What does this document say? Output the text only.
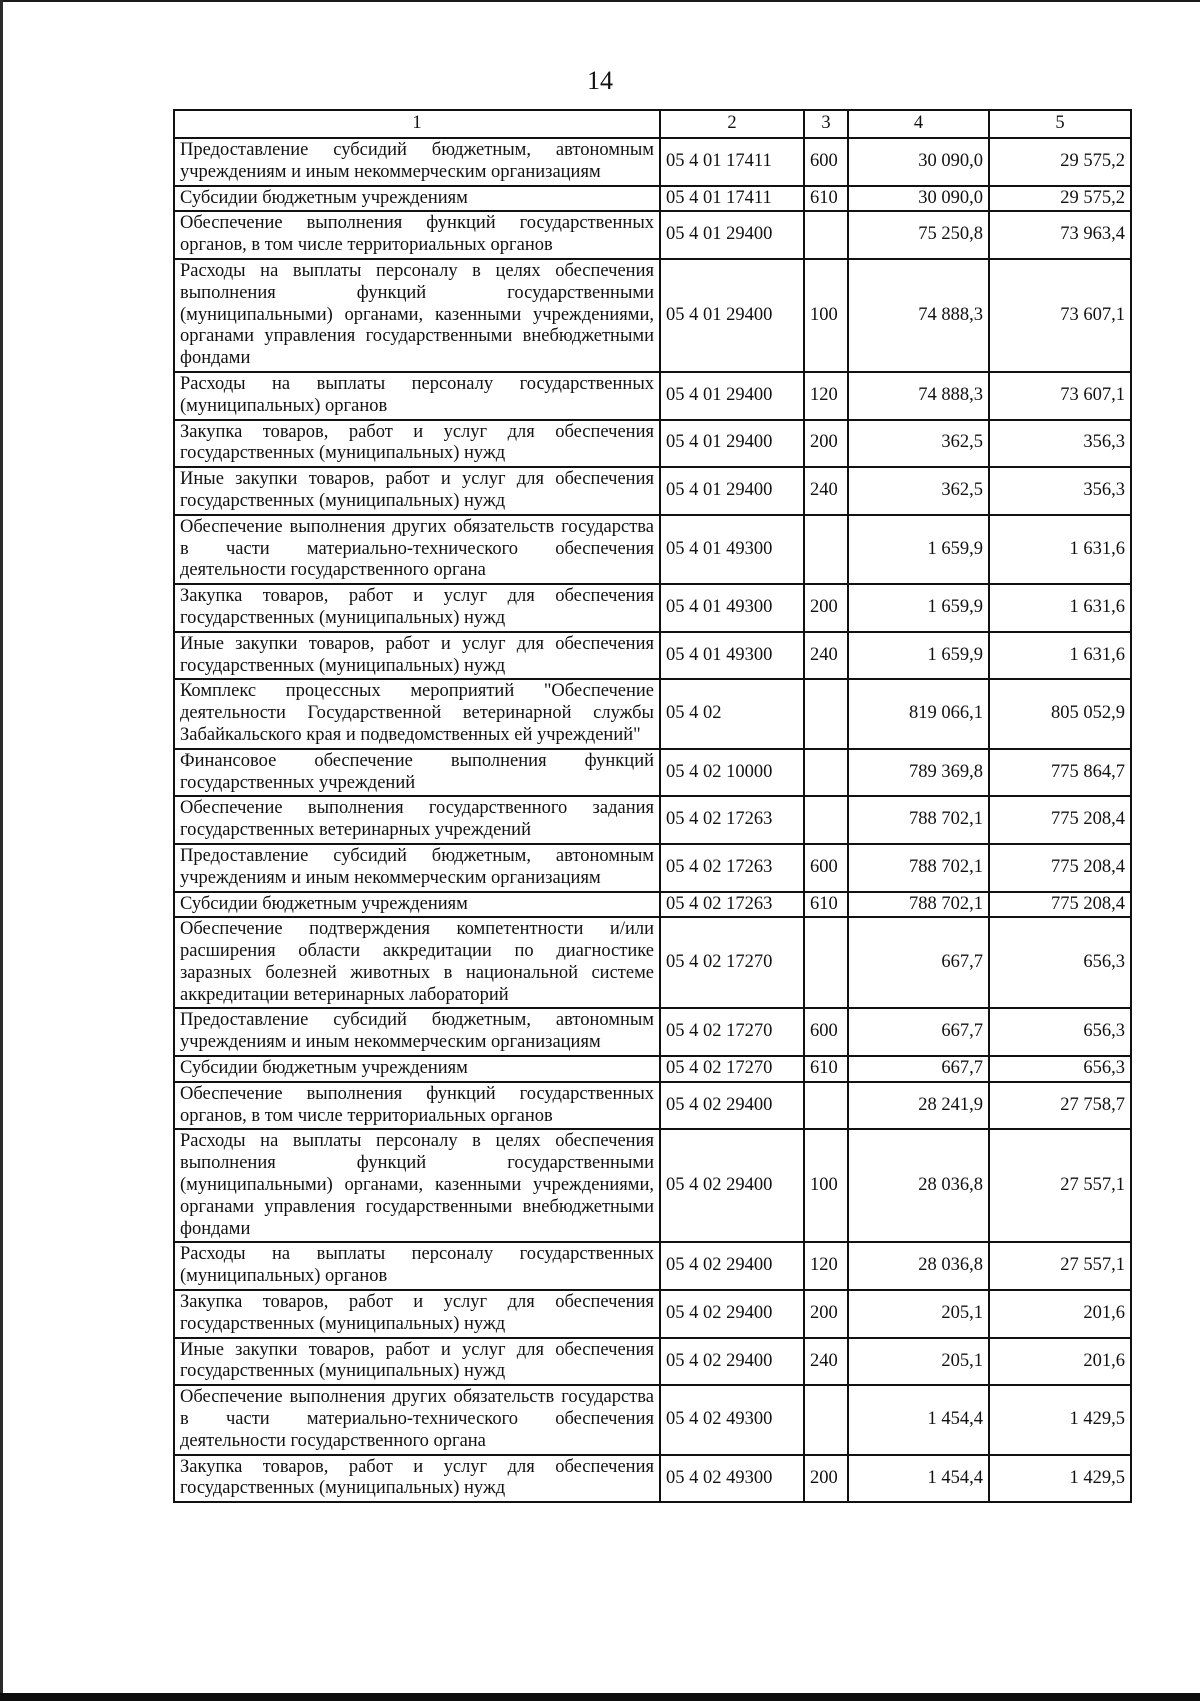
14
1	2	3	4	5
Предоставление субсидий бюджетным, автономным учреждениям и иным некоммерческим организациям	05 4 01 17411	600	30 090,0	29 575,2
Субсидии бюджетным учреждениям	05 4 01 17411	610	30 090,0	29 575,2
Обеспечение выполнения функций государственных органов, в том числе территориальных органов	05 4 01 29400		75 250,8	73 963,4
Расходы на выплаты персоналу в целях обеспечения выполнения функций государственными (муниципальными) органами, казенными учреждениями, органами управления государственными внебюджетными фондами	05 4 01 29400	100	74 888,3	73 607,1
Расходы на выплаты персоналу государственных (муниципальных) органов	05 4 01 29400	120	74 888,3	73 607,1
Закупка товаров, работ и услуг для обеспечения государственных (муниципальных) нужд	05 4 01 29400	200	362,5	356,3
Иные закупки товаров, работ и услуг для обеспечения государственных (муниципальных) нужд	05 4 01 29400	240	362,5	356,3
Обеспечение выполнения других обязательств государства в части материально-технического обеспечения деятельности государственного органа	05 4 01 49300		1 659,9	1 631,6
Закупка товаров, работ и услуг для обеспечения государственных (муниципальных) нужд	05 4 01 49300	200	1 659,9	1 631,6
Иные закупки товаров, работ и услуг для обеспечения государственных (муниципальных) нужд	05 4 01 49300	240	1 659,9	1 631,6
Комплекс процессных мероприятий "Обеспечение деятельности Государственной ветеринарной службы Забайкальского края и подведомственных ей учреждений"	05 4 02		819 066,1	805 052,9
Финансовое обеспечение выполнения функций государственных учреждений	05 4 02 10000		789 369,8	775 864,7
Обеспечение выполнения государственного задания государственных ветеринарных учреждений	05 4 02 17263		788 702,1	775 208,4
Предоставление субсидий бюджетным, автономным учреждениям и иным некоммерческим организациям	05 4 02 17263	600	788 702,1	775 208,4
Субсидии бюджетным учреждениям	05 4 02 17263	610	788 702,1	775 208,4
Обеспечение подтверждения компетентности и/или расширения области аккредитации по диагностике заразных болезней животных в национальной системе аккредитации ветеринарных лабораторий	05 4 02 17270		667,7	656,3
Предоставление субсидий бюджетным, автономным учреждениям и иным некоммерческим организациям	05 4 02 17270	600	667,7	656,3
Субсидии бюджетным учреждениям	05 4 02 17270	610	667,7	656,3
Обеспечение выполнения функций государственных органов, в том числе территориальных органов	05 4 02 29400		28 241,9	27 758,7
Расходы на выплаты персоналу в целях обеспечения выполнения функций государственными (муниципальными) органами, казенными учреждениями, органами управления государственными внебюджетными фондами	05 4 02 29400	100	28 036,8	27 557,1
Расходы на выплаты персоналу государственных (муниципальных) органов	05 4 02 29400	120	28 036,8	27 557,1
Закупка товаров, работ и услуг для обеспечения государственных (муниципальных) нужд	05 4 02 29400	200	205,1	201,6
Иные закупки товаров, работ и услуг для обеспечения государственных (муниципальных) нужд	05 4 02 29400	240	205,1	201,6
Обеспечение выполнения других обязательств государства в части материально-технического обеспечения деятельности государственного органа	05 4 02 49300		1 454,4	1 429,5
Закупка товаров, работ и услуг для обеспечения государственных (муниципальных) нужд	05 4 02 49300	200	1 454,4	1 429,5
